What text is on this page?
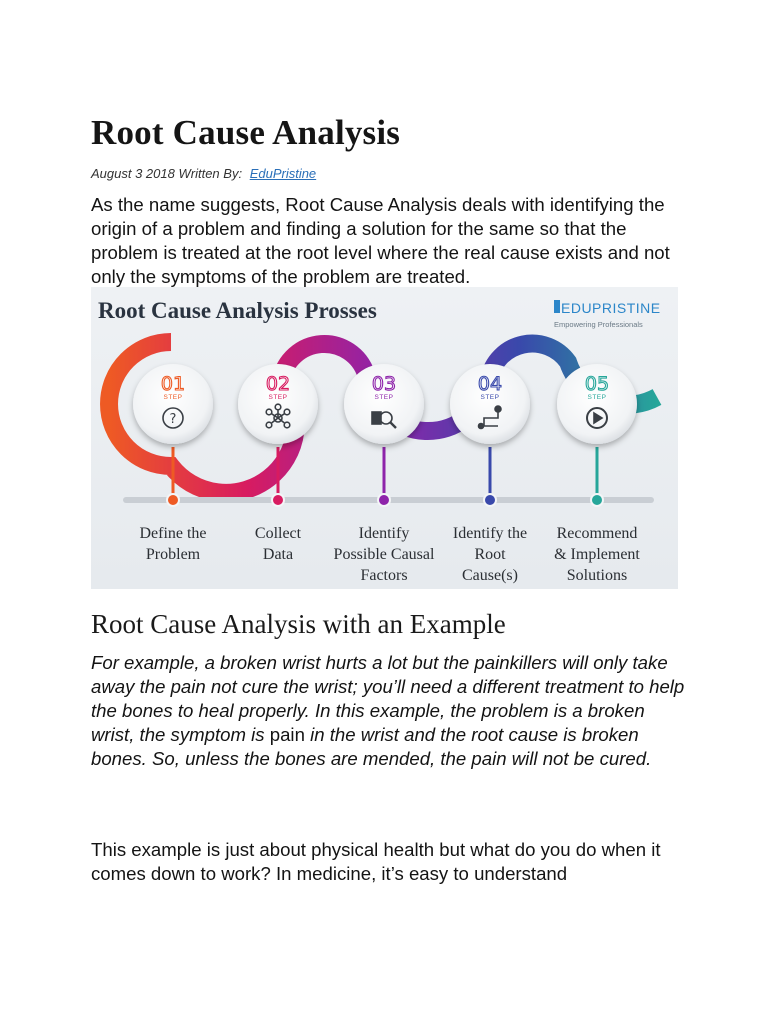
Root Cause Analysis
August 3 2018 Written By: EduPristine

As the name suggests, Root Cause Analysis deals with identifying the origin of a problem and finding a solution for the same so that the problem is treated at the root level where the real cause exists and not only the symptoms of the problem are treated.

Root Cause Analysis Prosses	EDUPRISTINE
Empowering Professionals
01
STEP
?
Define the
Problem
02
STEP
Collect
Data
03
STEP
Identify
Possible Causal
Factors
04
STEP
Identify the
Root
Cause(s)
05
STEP
Recommend
& Implement
Solutions
Root Cause Analysis with an Example

For example, a broken wrist hurts a lot but the painkillers will only take away the pain not cure the wrist; you’ll need a different treatment to help the bones to heal properly. In this example, the problem is a broken wrist, the symptom is pain in the wrist and the root cause is broken bones. So, unless the bones are mended, the pain will not be cured.

This example is just about physical health but what do you do when it comes down to work? In medicine, it’s easy to understand
